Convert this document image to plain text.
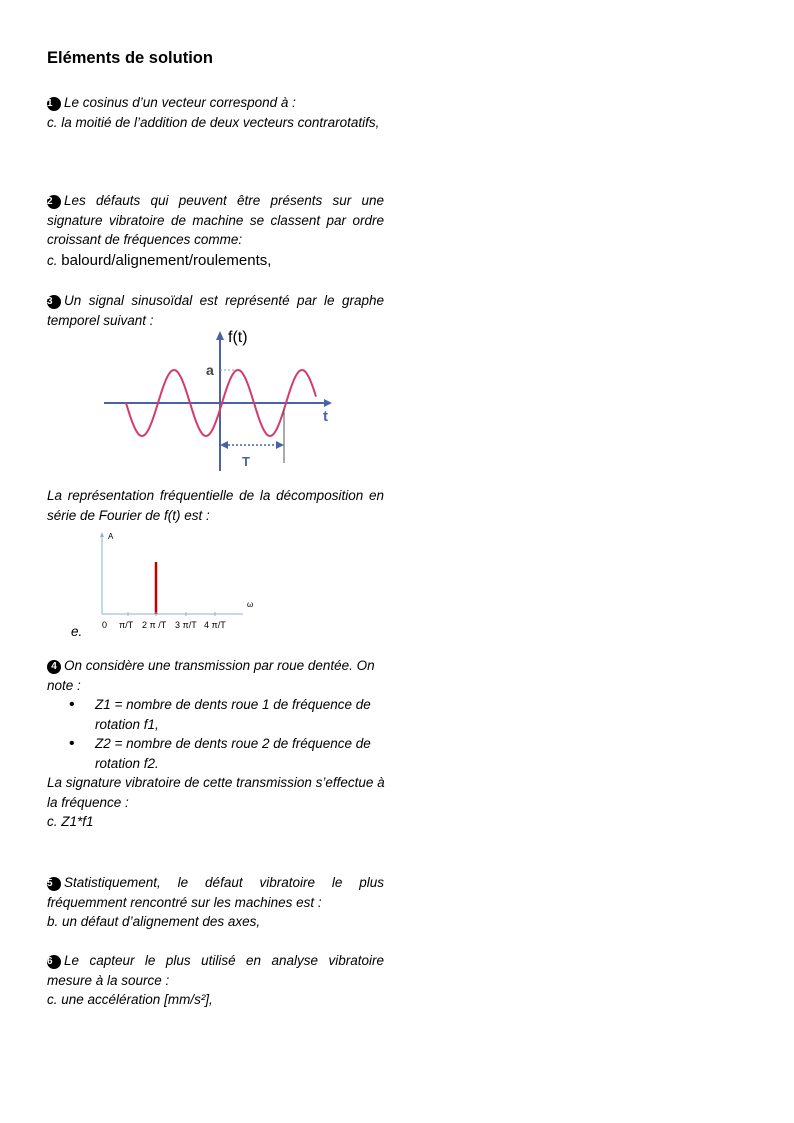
Eléments de solution

1 Le cosinus d’un vecteur correspond à :

c. la moitié de l’addition de deux vecteurs contrarotatifs,

2 Les défauts qui peuvent être présents sur une signature vibratoire de machine se classent par ordre croissant de fréquences comme:

c. balourd/alignement/roulements,

3 Un signal sinusoïdal est représenté par le graphe temporel suivant :

f(t)
a
t
T

La représentation fréquentielle de la décomposition en série de Fourier de f(t) est :

A
ω
0 π/T 2 π /T 3 π/T 4 π/T
e.

4 On considère une transmission par roue dentée. On note :

• Z1 = nombre de dents roue 1 de fréquence de rotation f1,
• Z2 = nombre de dents roue 2 de fréquence de rotation f2.

La signature vibratoire de cette transmission s’effectue à la fréquence :

c. Z1*f1

5 Statistiquement, le défaut vibratoire le plus fréquemment rencontré sur les machines est :

b. un défaut d’alignement des axes,

6 Le capteur le plus utilisé en analyse vibratoire mesure à la source :

c. une accélération [mm/s²],
